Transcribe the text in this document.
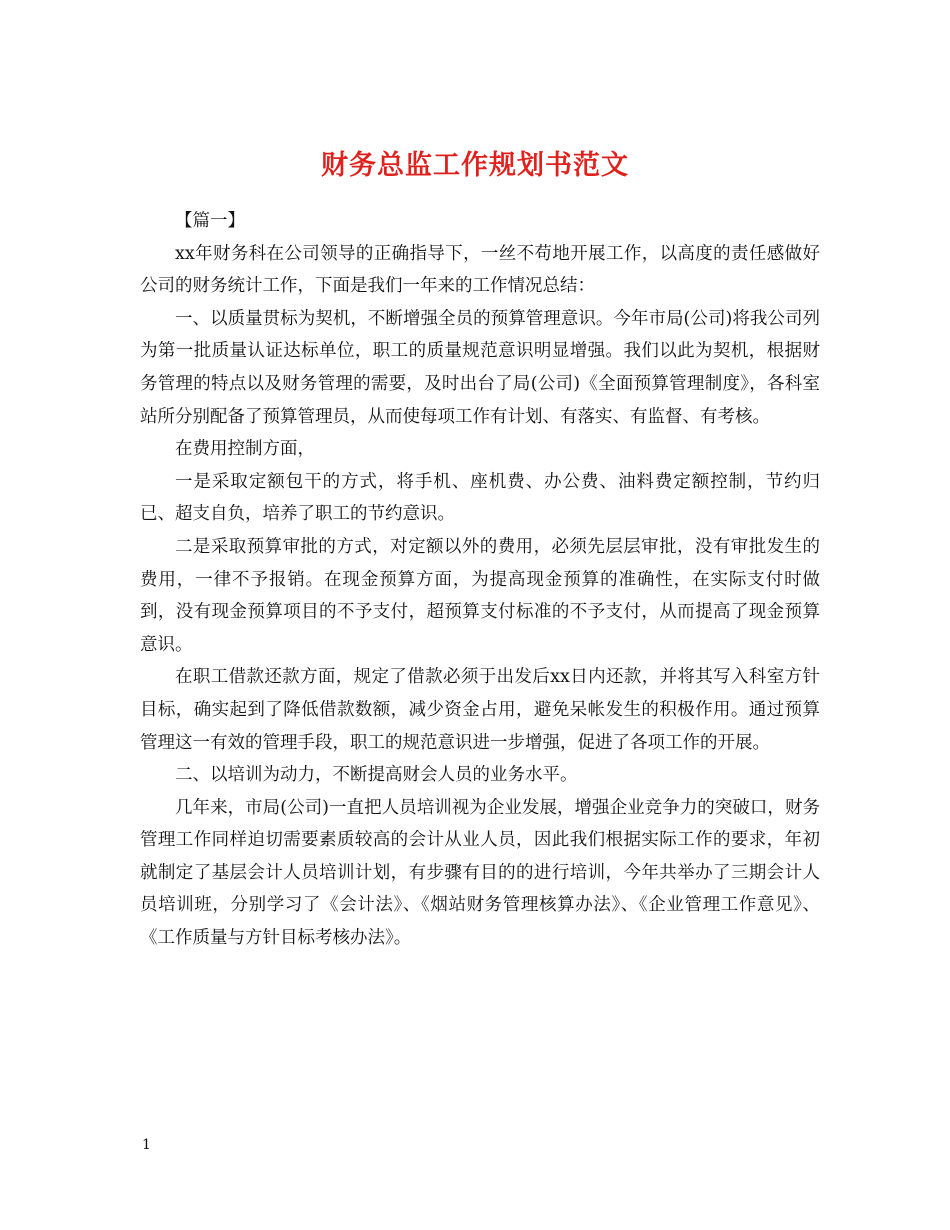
财务总监工作规划书范文

【篇一】

xx年财务科在公司领导的正确指导下，一丝不苟地开展工作，以高度的责任感做好公司的财务统计工作，下面是我们一年来的工作情况总结：

一、以质量贯标为契机，不断增强全员的预算管理意识。今年市局(公司)将我公司列为第一批质量认证达标单位，职工的质量规范意识明显增强。我们以此为契机，根据财务管理的特点以及财务管理的需要，及时出台了局(公司)《全面预算管理制度》，各科室站所分别配备了预算管理员，从而使每项工作有计划、有落实、有监督、有考核。

在费用控制方面，

一是采取定额包干的方式，将手机、座机费、办公费、油料费定额控制，节约归已、超支自负，培养了职工的节约意识。

二是采取预算审批的方式，对定额以外的费用，必须先层层审批，没有审批发生的费用，一律不予报销。在现金预算方面，为提高现金预算的准确性，在实际支付时做到，没有现金预算项目的不予支付，超预算支付标准的不予支付，从而提高了现金预算意识。

在职工借款还款方面，规定了借款必须于出发后xx日内还款，并将其写入科室方针目标，确实起到了降低借款数额，减少资金占用，避免呆帐发生的积极作用。通过预算管理这一有效的管理手段，职工的规范意识进一步增强，促进了各项工作的开展。

二、以培训为动力，不断提高财会人员的业务水平。

几年来，市局(公司)一直把人员培训视为企业发展，增强企业竞争力的突破口，财务管理工作同样迫切需要素质较高的会计从业人员，因此我们根据实际工作的要求，年初就制定了基层会计人员培训计划，有步骤有目的的进行培训，今年共举办了三期会计人员培训班，分别学习了《会计法》、《烟站财务管理核算办法》、《企业管理工作意见》、《工作质量与方针目标考核办法》。

1
